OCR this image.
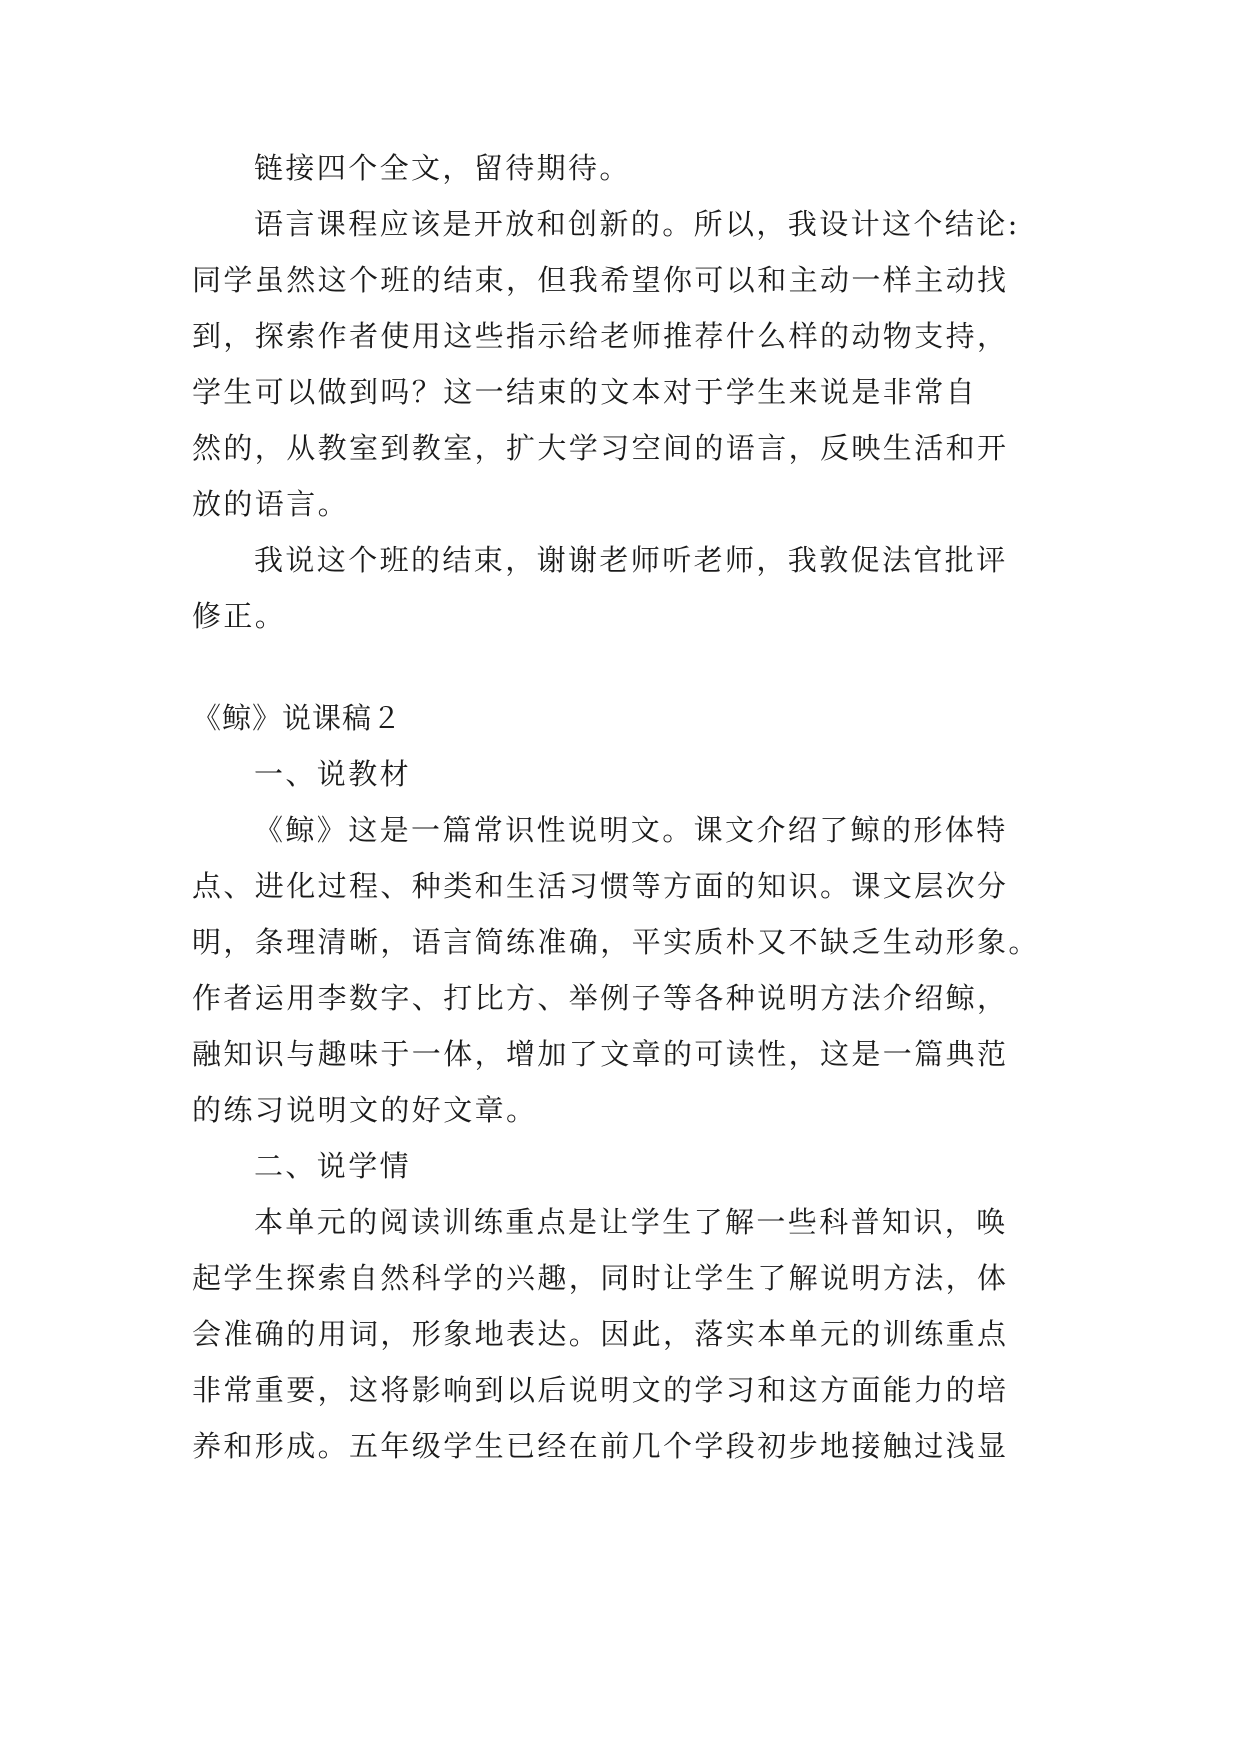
链接四个全文，留待期待。
语言课程应该是开放和创新的。所以，我设计这个结论:
同学虽然这个班的结束，但我希望你可以和主动一样主动找
到，探索作者使用这些指示给老师推荐什么样的动物支持，
学生可以做到吗？这一结束的文本对于学生来说是非常自
然的，从教室到教室，扩大学习空间的语言，反映生活和开
放的语言。
我说这个班的结束，谢谢老师听老师，我敦促法官批评
修正。
《鲸》说课稿２
一、说教材
《鲸》这是一篇常识性说明文。课文介绍了鲸的形体特
点、进化过程、种类和生活习惯等方面的知识。课文层次分
明，条理清晰，语言简练准确，平实质朴又不缺乏生动形象。
作者运用李数字、打比方、举例子等各种说明方法介绍鲸，
融知识与趣味于一体，增加了文章的可读性，这是一篇典范
的练习说明文的好文章。
二、说学情
本单元的阅读训练重点是让学生了解一些科普知识，唤
起学生探索自然科学的兴趣，同时让学生了解说明方法，体
会准确的用词，形象地表达。因此，落实本单元的训练重点
非常重要，这将影响到以后说明文的学习和这方面能力的培
养和形成。五年级学生已经在前几个学段初步地接触过浅显
